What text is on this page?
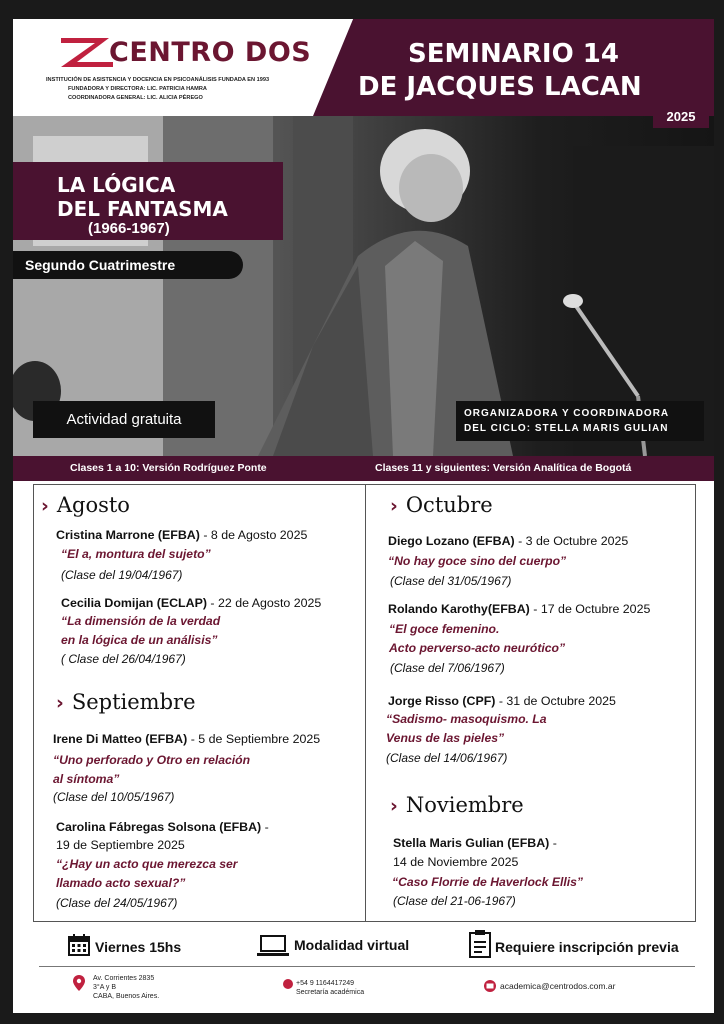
CENTRO DOS
INSTITUCIÓN DE ASISTENCIA Y DOCENCIA EN PSICOANÁLISIS FUNDADA EN 1993
FUNDADORA Y DIRECTORA: LIC. PATRICIA HAMRA
COORDINADORA GENERAL: LIC. ALICIA PÉREGO
SEMINARIO 14
DE JACQUES LACAN
2025
LA LÓGICA
DEL FANTASMA
(1966-1967)
Segundo Cuatrimestre
Actividad gratuita	ORGANIZADORA Y COORDINADORA
DEL CICLO: STELLA MARIS GULIAN
Clases 1 a 10: Versión Rodríguez Ponte	Clases 11 y siguientes: Versión Analítica de Bogotá
› Agosto
Cristina Marrone (EFBA) - 8 de Agosto 2025
“El a, montura del sujeto”
(Clase del 19/04/1967)
Cecilia Domijan (ECLAP) - 22 de Agosto 2025
“La dimensión de la verdad
en la lógica de un análisis”
( Clase del 26/04/1967)
› Septiembre
Irene Di Matteo (EFBA) - 5 de Septiembre 2025
“Uno perforado y Otro en relación
al síntoma”
(Clase del 10/05/1967)
Carolina Fábregas Solsona (EFBA) -
19 de Septiembre 2025
“¿Hay un acto que merezca ser
llamado acto sexual?”
(Clase del 24/05/1967)
› Octubre
Diego Lozano (EFBA) - 3 de Octubre 2025
“No hay goce sino del cuerpo”
(Clase del 31/05/1967)
Rolando Karothy(EFBA) - 17 de Octubre 2025
“El goce femenino.
Acto perverso-acto neurótico”
(Clase del 7/06/1967)
Jorge Risso (CPF) - 31 de Octubre 2025
“Sadismo- masoquismo. La
Venus de las pieles”
(Clase del 14/06/1967)
› Noviembre
Stella Maris Gulian (EFBA) -
14 de Noviembre 2025
“Caso Florrie de Haverlock Ellis”
(Clase del 21-06-1967)
Viernes 15hs	Modalidad virtual	Requiere inscripción previa
Av. Corrientes 2835
3°A y B
CABA, Buenos Aires.
+54 9 1164417249
Secretaría académica
academica@centrodos.com.ar
